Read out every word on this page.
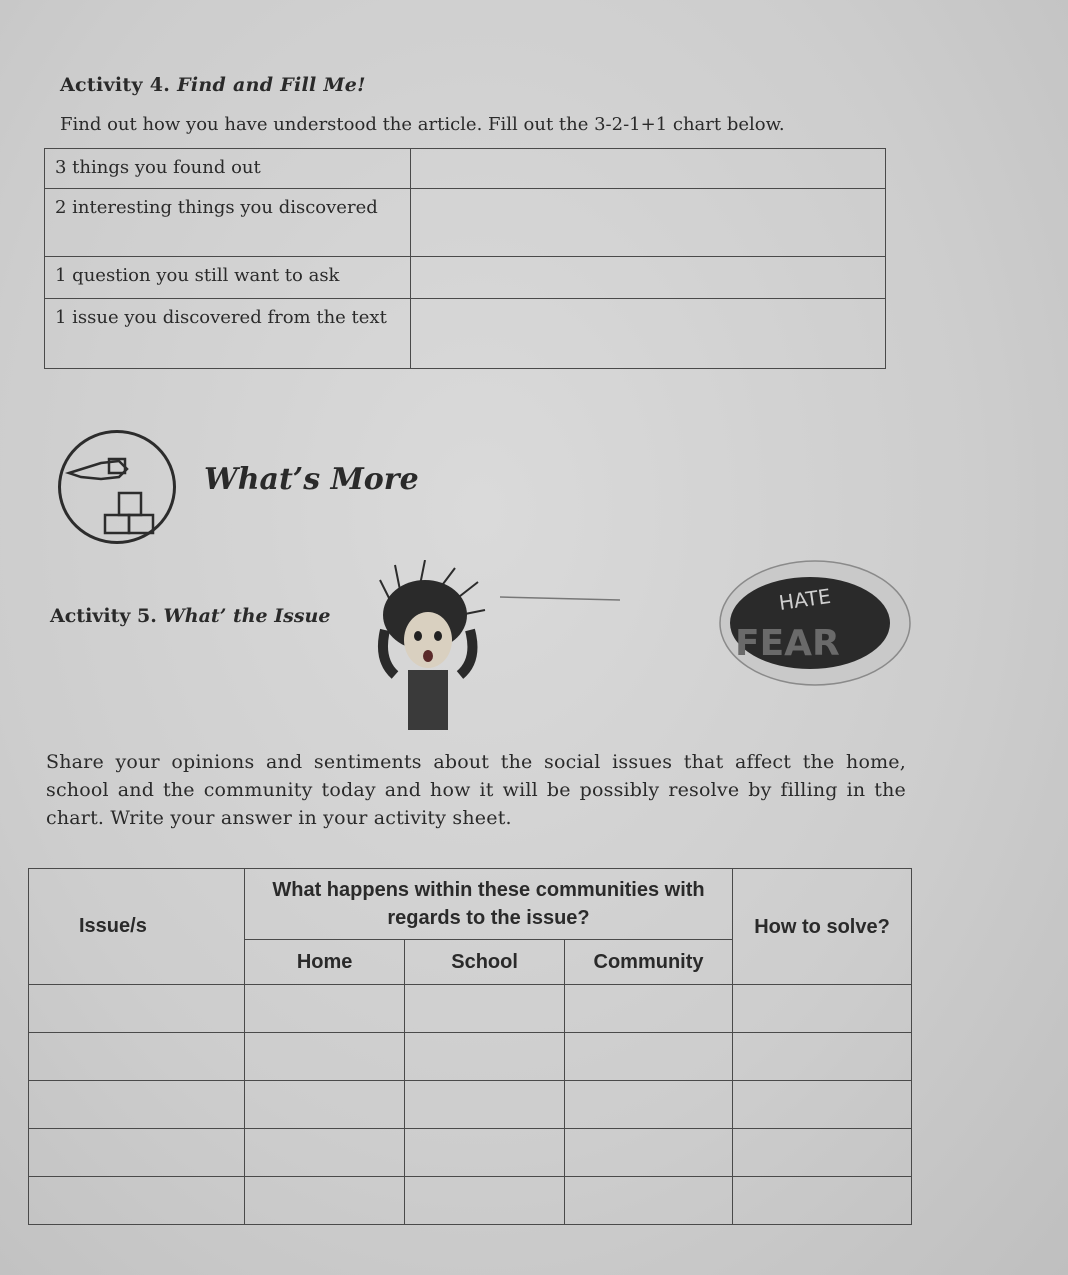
Activity 4. Find and Fill Me!
Find out how you have understood the article. Fill out the 3-2-1+1 chart below.
3 things you found out	
2 interesting things you discovered	
1 question you still want to ask	
1 issue you discovered from the text	
What’s More
Activity 5. What’ the Issue
HATE
FEAR
Share your opinions and sentiments about the social issues that affect the home, school and the community today and how it will be possibly resolve by filling in the chart. Write your answer in your activity sheet.
Issue/s	What happens within these communities with regards to the issue?			How to solve?
	Home	School	Community	
